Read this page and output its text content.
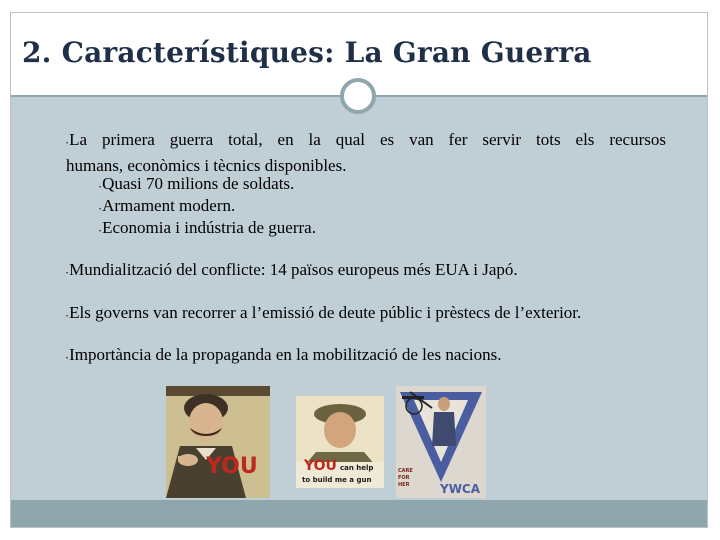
2. Característiques: La Gran Guerra
•La primera guerra total, en la qual es van fer servir tots els recursos
humans, econòmics i tècnics disponibles.
•Quasi 70 milions de soldats.
•Armament modern.
•Economia i indústria de guerra.
•Mundialització del conflicte: 14 països europeus més EUA i Japó.
•Els governs van recorrer a l’emissió de deute públic i prèstecs de l’exterior.
•Importància de la propaganda en la mobilització de les nacions.
YOU	YOU can help
to build me a gun
CARE FOR HER	YWCA
